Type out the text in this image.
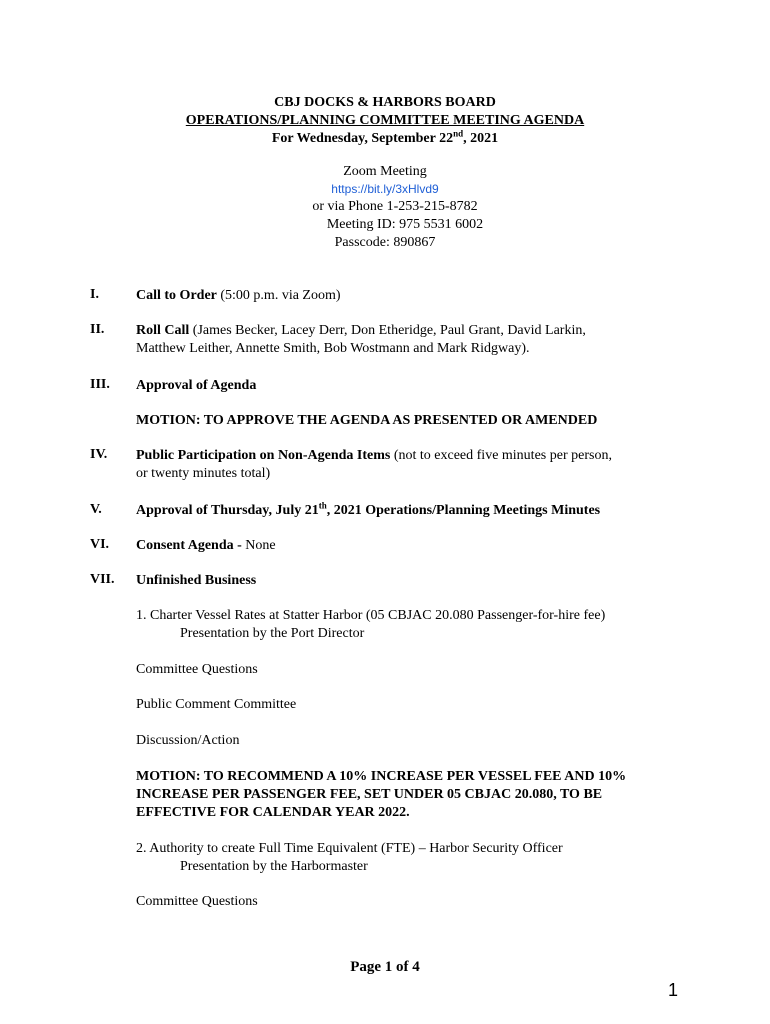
CBJ DOCKS & HARBORS BOARD
OPERATIONS/PLANNING COMMITTEE MEETING AGENDA
For Wednesday, September 22nd, 2021
Zoom Meeting
https://bit.ly/3xHlvd9
or via Phone 1-253-215-8782
Meeting ID: 975 5531 6002
Passcode: 890867
I.	Call to Order (5:00 p.m. via Zoom)
II. Roll Call (James Becker, Lacey Derr, Don Etheridge, Paul Grant, David Larkin,
Matthew Leither, Annette Smith, Bob Wostmann and Mark Ridgway).
III. Approval of Agenda
MOTION: TO APPROVE THE AGENDA AS PRESENTED OR AMENDED
IV. Public Participation on Non-Agenda Items (not to exceed five minutes per person,
or twenty minutes total)
V. Approval of Thursday, July 21th, 2021 Operations/Planning Meetings Minutes
VI. Consent Agenda - None
VII. Unfinished Business
1. Charter Vessel Rates at Statter Harbor (05 CBJAC 20.080 Passenger-for-hire fee)
Presentation by the Port Director
Committee Questions
Public Comment Committee
Discussion/Action
MOTION: TO RECOMMEND A 10% INCREASE PER VESSEL FEE AND 10%
INCREASE PER PASSENGER FEE, SET UNDER 05 CBJAC 20.080, TO BE
EFFECTIVE FOR CALENDAR YEAR 2022.
2. Authority to create Full Time Equivalent (FTE) – Harbor Security Officer
Presentation by the Harbormaster
Committee Questions
Page 1 of 4
1
